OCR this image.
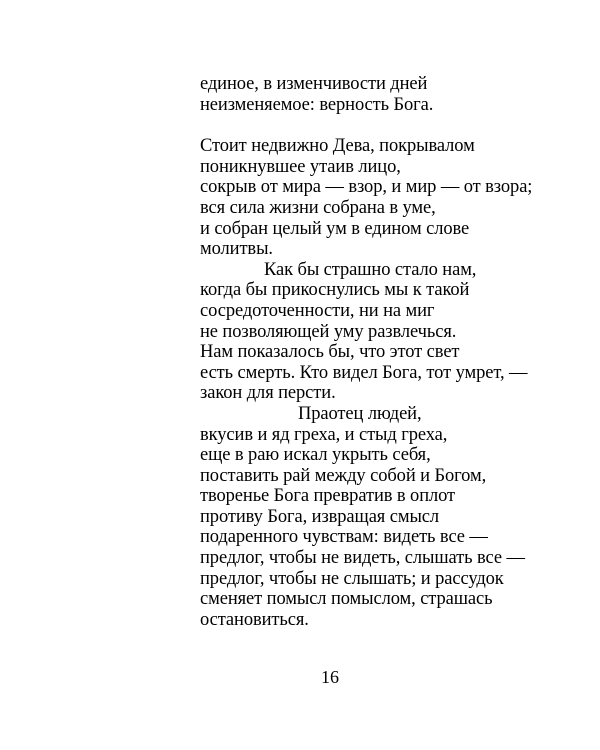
единое, в изменчивости дней
неизменяемое: верность Бога.
Стоит недвижно Дева, покрывалом
поникнувшее утаив лицо,
сокрыв от мира — взор, и мир — от взора;
вся сила жизни собрана в уме,
и собран целый ум в едином слове
молитвы.
Как бы страшно стало нам,
когда бы прикоснулись мы к такой
сосредоточенности, ни на миг
не позволяющей уму развлечься.
Нам показалось бы, что этот свет
есть смерть. Кто видел Бога, тот умрет, —
закон для персти.
Праотец людей,
вкусив и яд греха, и стыд греха,
еще в раю искал укрыть себя,
поставить рай между собой и Богом,
творенье Бога превратив в оплот
противу Бога, извращая смысл
подаренного чувствам: видеть все —
предлог, чтобы не видеть, слышать все —
предлог, чтобы не слышать; и рассудок
сменяет помысл помыслом, страшась
остановиться.
16
